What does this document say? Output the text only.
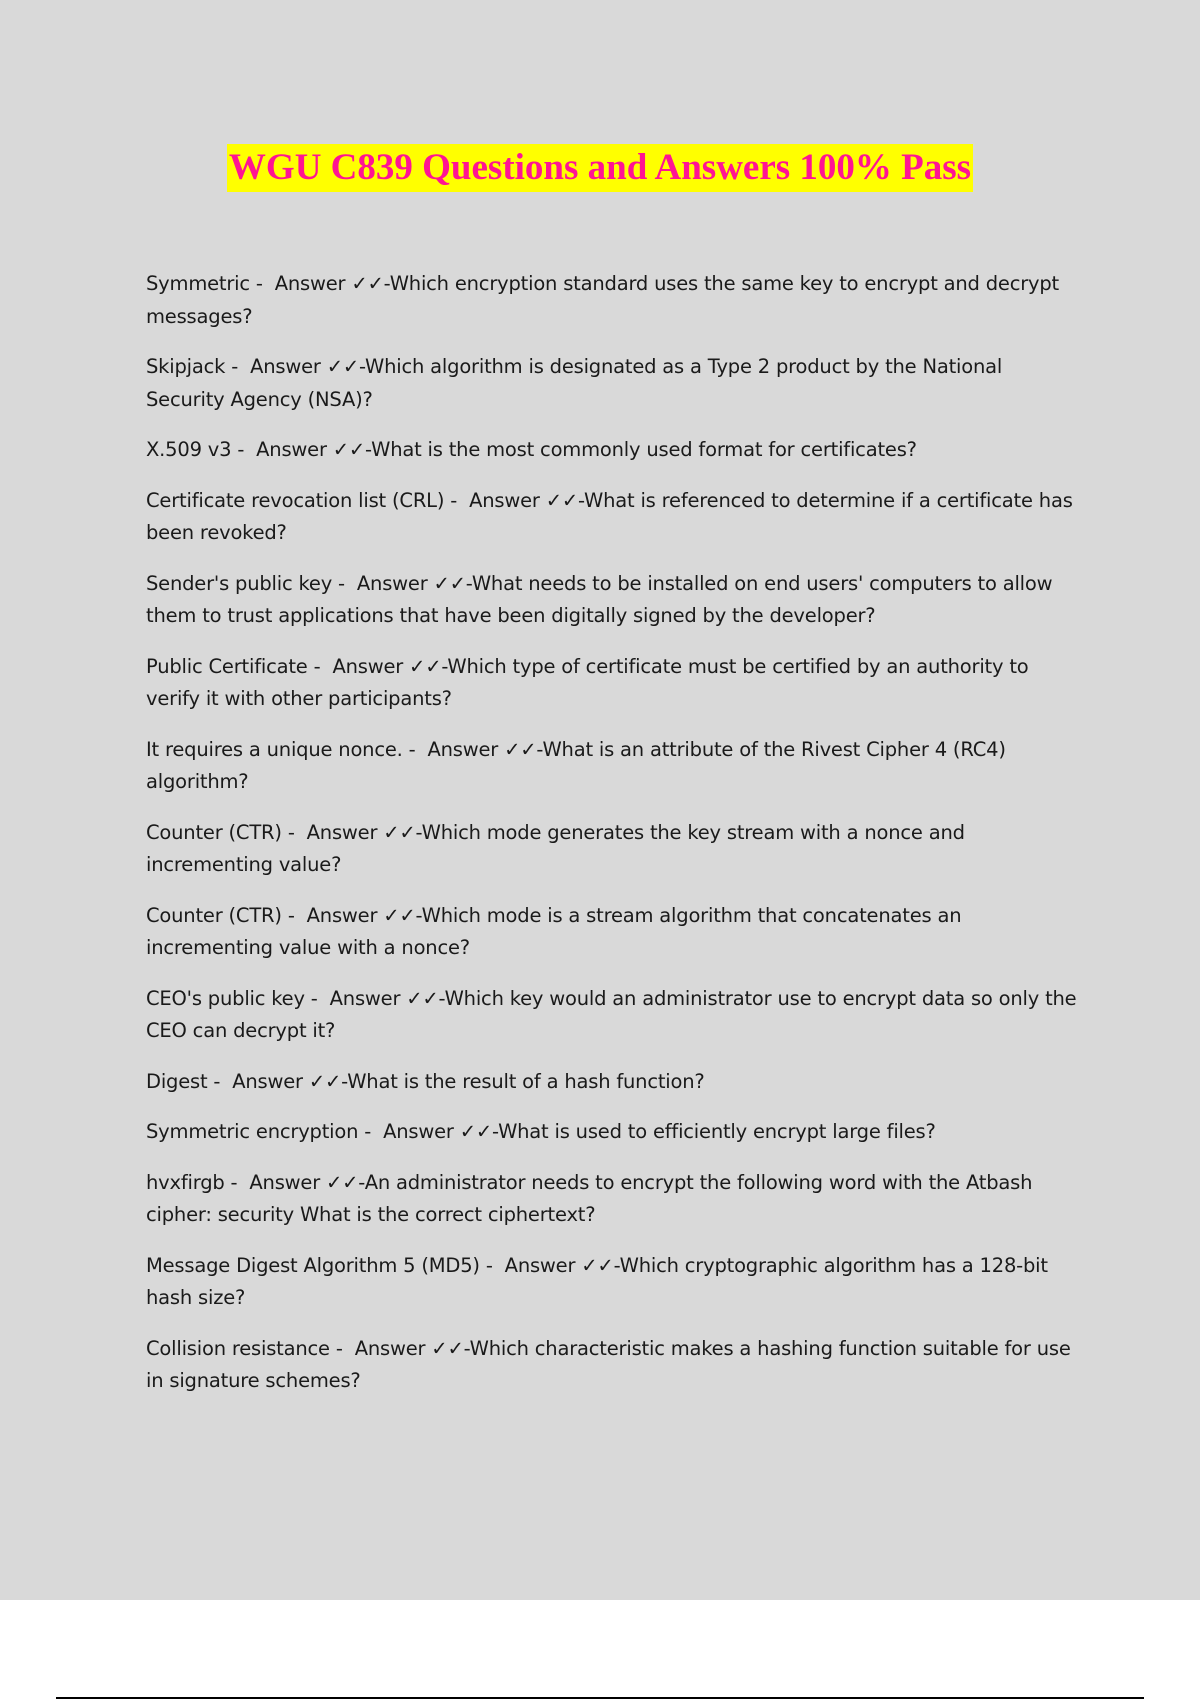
WGU C839 Questions and Answers 100% Pass
Symmetric -  Answer ✓✓-Which encryption standard uses the same key to encrypt and decrypt messages?
Skipjack -  Answer ✓✓-Which algorithm is designated as a Type 2 product by the National Security Agency (NSA)?
X.509 v3 -  Answer ✓✓-What is the most commonly used format for certificates?
Certificate revocation list (CRL) -  Answer ✓✓-What is referenced to determine if a certificate has been revoked?
Sender's public key -  Answer ✓✓-What needs to be installed on end users' computers to allow them to trust applications that have been digitally signed by the developer?
Public Certificate -  Answer ✓✓-Which type of certificate must be certified by an authority to verify it with other participants?
It requires a unique nonce. -  Answer ✓✓-What is an attribute of the Rivest Cipher 4 (RC4) algorithm?
Counter (CTR) -  Answer ✓✓-Which mode generates the key stream with a nonce and incrementing value?
Counter (CTR) -  Answer ✓✓-Which mode is a stream algorithm that concatenates an incrementing value with a nonce?
CEO's public key -  Answer ✓✓-Which key would an administrator use to encrypt data so only the CEO can decrypt it?
Digest -  Answer ✓✓-What is the result of a hash function?
Symmetric encryption -  Answer ✓✓-What is used to efficiently encrypt large files?
hvxfirgb -  Answer ✓✓-An administrator needs to encrypt the following word with the Atbash cipher: security What is the correct ciphertext?
Message Digest Algorithm 5 (MD5) -  Answer ✓✓-Which cryptographic algorithm has a 128-bit hash size?
Collision resistance -  Answer ✓✓-Which characteristic makes a hashing function suitable for use in signature schemes?
